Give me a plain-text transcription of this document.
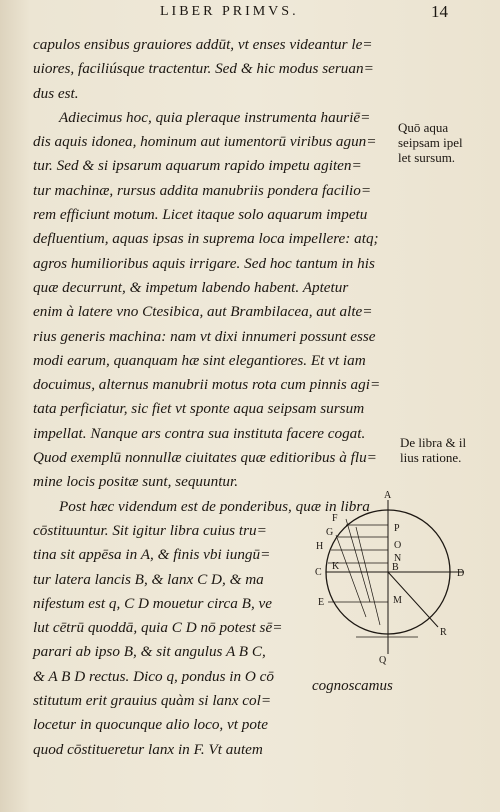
LIBER PRIMVS.	14
capulos ensibus grauiores addūt, vt enses videantur le=
uiores, faciliúsque tractentur. Sed & hic modus seruan=
dus est.
Adiecimus hoc, quia pleraque instrumenta hauriē=
dis aquis idonea, hominum aut iumentorū viribus agun=
tur. Sed & si ipsarum aquarum rapido impetu agiten=
tur machinæ, rursus addita manubriis pondera facilio=
rem efficiunt motum. Licet itaque solo aquarum impetu
defluentium, aquas ipsas in suprema loca impellere: atq;
agros humilioribus aquis irrigare. Sed hoc tantum in his
quæ decurrunt, & impetum labendo habent. Aptetur
enim à latere vno Ctesibica, aut Brambilacea, aut alte=
rius generis machina: nam vt dixi innumeri possunt esse
modi earum, quanquam hæ sint elegantiores. Et vt iam
docuimus, alternus manubrii motus rota cum pinnis agi=
tata perficiatur, sic fiet vt sponte aqua seipsam sursum
impellat. Nanque ars contra sua instituta facere cogat.
Quod exemplū nonnullæ ciuitates quæ editioribus à flu=
mine locis positæ sunt, sequuntur.
Post hæc videndum est de ponderibus, quæ in libra
cōstituuntur. Sit igitur libra cuius tru=
tina sit appēsa in A, & finis vbi iungū=
tur latera lancis B, & lanx C D, & ma
nifestum est q, C D mouetur circa B, ve
lut cētrū quoddā, quia C D nō potest sē=
parari ab ipso B, & sit angulus A B C,
& A B D rectus. Dico q, pondus in O cō
stitutum erit grauius quàm si lanx col=
locetur in quocunque alio loco, vt pote
quod cōstitueretur lanx in F. Vt autem
Quō aqua
seipsam ipel
let sursum.
De libra & il
lius ratione.
A
P
F
G
O
H
N
C
K	B
D
E	M
R
Q
cognoscamus
